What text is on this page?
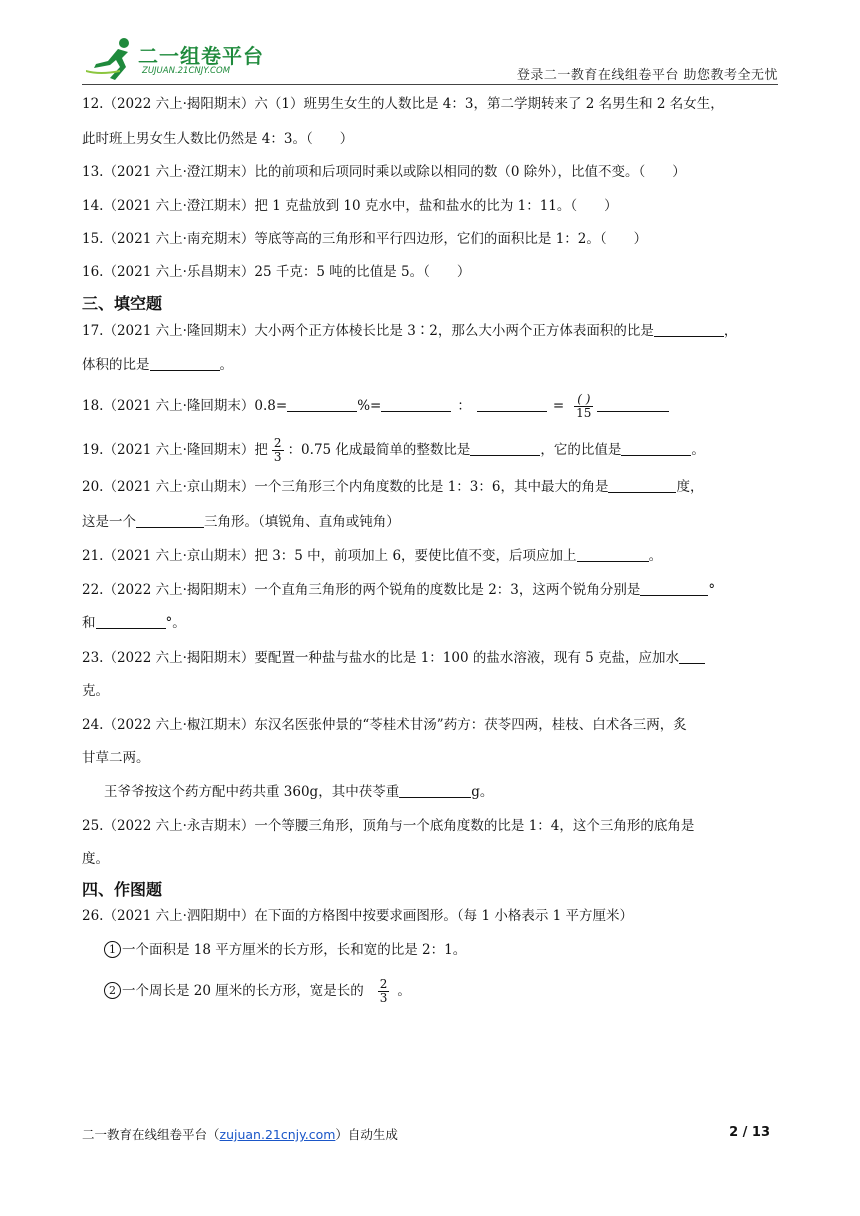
二一组卷平台
ZUJUAN.21CNJY.COM	登录二一教育在线组卷平台 助您教考全无忧
12.（2022 六上·揭阳期末）六（1）班男生女生的人数比是 4：3，第二学期转来了 2 名男生和 2 名女生，
此时班上男女生人数比仍然是 4：3。（　　）
13.（2021 六上·澄江期末）比的前项和后项同时乘以或除以相同的数（0 除外），比值不变。（　　）
14.（2021 六上·澄江期末）把 1 克盐放到 10 克水中，盐和盐水的比为 1：11。（　　）
15.（2021 六上·南充期末）等底等高的三角形和平行四边形，它们的面积比是 1：2。（　　）
16.（2021 六上·乐昌期末）25 千克：5 吨的比值是 5。（　　）
三、填空题
17.（2021 六上·隆回期末）大小两个正方体棱长比是 3∶2，那么大小两个正方体表面积的比是	，
体积的比是	。
18.（2021 六上·隆回期末）0.8=	%=	：	= $\frac{( )}{15}$
19.（2021 六上·隆回期末）把 $\frac{2}{3}$ ：0.75 化成最简单的整数比是	，它的比值是	。
20.（2021 六上·京山期末）一个三角形三个内角度数的比是 1：3：6，其中最大的角是	度，
这是一个	三角形。（填锐角、直角或钝角）
21.（2021 六上·京山期末）把 3：5 中，前项加上 6，要使比值不变，后项应加上	。
22.（2022 六上·揭阳期末）一个直角三角形的两个锐角的度数比是 2：3，这两个锐角分别是	°
和	°。
23.（2022 六上·揭阳期末）要配置一种盐与盐水的比是 1：100 的盐水溶液，现有 5 克盐，应加水
克。
24.（2022 六上·椒江期末）东汉名医张仲景的“苓桂术甘汤”药方：茯苓四两，桂枝、白术各三两，炙
甘草二两。
王爷爷按这个药方配中药共重 360g，其中茯苓重	g。
25.（2022 六上·永吉期末）一个等腰三角形，顶角与一个底角度数的比是 1：4，这个三角形的底角是
度。
四、作图题
26.（2021 六上·泗阳期中）在下面的方格图中按要求画图形。（每 1 小格表示 1 平方厘米）
1 一个面积是 18 平方厘米的长方形，长和宽的比是 2：1。
2 一个周长是 20 厘米的长方形，宽是长的 $\frac{2}{3}$ 。
二一教育在线组卷平台（zujuan.21cnjy.com）自动生成	2 / 13
